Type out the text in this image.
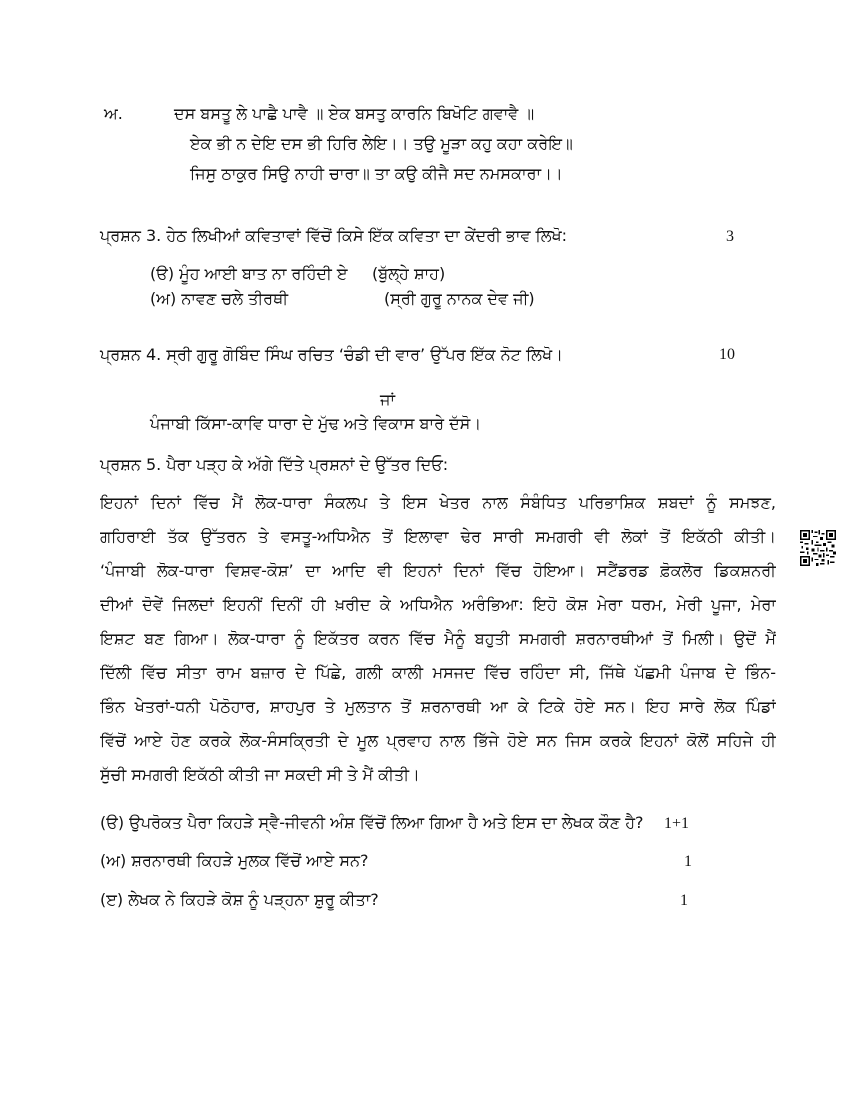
ਅ.	ਦਸ ਬਸਤੂ ਲੇ ਪਾਛੈ ਪਾਵੈ ॥ ਏਕ ਬਸਤੁ ਕਾਰਨਿ ਬਿਖੋਟਿ ਗਵਾਵੈ ॥
ਏਕ ਭੀ ਨ ਦੇਇ ਦਸ ਭੀ ਹਿਰਿ ਲੇਇ।। ਤਉ ਮੂੜਾ ਕਹੁ ਕਹਾ ਕਰੇਇ॥
ਜਿਸੁ ਠਾਕੁਰ ਸਿਉ ਨਾਹੀ ਚਾਰਾ॥ ਤਾ ਕਉ ਕੀਜੈ ਸਦ ਨਮਸਕਾਰਾ।।
ਪ੍ਰਸ਼ਨ 3. ਹੇਠ ਲਿਖੀਆਂ ਕਵਿਤਾਵਾਂ ਵਿੱਚੋਂ ਕਿਸੇ ਇੱਕ ਕਵਿਤਾ ਦਾ ਕੇਂਦਰੀ ਭਾਵ ਲਿਖੋ:	3
(ੳ) ਮੂੰਹ ਆਈ ਬਾਤ ਨਾ ਰਹਿੰਦੀ ਏ (ਬੁੱਲ੍ਹੇ ਸ਼ਾਹ)
(ਅ) ਨਾਵਣ ਚਲੇ ਤੀਰਥੀ	(ਸ੍ਰੀ ਗੁਰੂ ਨਾਨਕ ਦੇਵ ਜੀ)
ਪ੍ਰਸ਼ਨ 4. ਸ੍ਰੀ ਗੁਰੂ ਗੋਬਿੰਦ ਸਿੰਘ ਰਚਿਤ ‘ਚੰਡੀ ਦੀ ਵਾਰ’ ਉੱਪਰ ਇੱਕ ਨੋਟ ਲਿਖੋ।	10
ਜਾਂ
ਪੰਜਾਬੀ ਕਿੱਸਾ-ਕਾਵਿ ਧਾਰਾ ਦੇ ਮੁੱਢ ਅਤੇ ਵਿਕਾਸ ਬਾਰੇ ਦੱਸੋ।
ਪ੍ਰਸ਼ਨ 5. ਪੈਰਾ ਪੜ੍ਹ ਕੇ ਅੱਗੇ ਦਿੱਤੇ ਪ੍ਰਸ਼ਨਾਂ ਦੇ ਉੱਤਰ ਦਿਓ:
ਇਹਨਾਂ ਦਿਨਾਂ ਵਿੱਚ ਮੈਂ ਲੋਕ-ਧਾਰਾ ਸੰਕਲਪ ਤੇ ਇਸ ਖੇਤਰ ਨਾਲ ਸੰਬੰਧਿਤ ਪਰਿਭਾਸ਼ਿਕ ਸ਼ਬਦਾਂ ਨੂੰ ਸਮਝਣ,
ਗਹਿਰਾਈ ਤੱਕ ਉੱਤਰਨ ਤੇ ਵਸਤੂ-ਅਧਿਐਨ ਤੋਂ ਇਲਾਵਾ ਢੇਰ ਸਾਰੀ ਸਮਗਰੀ ਵੀ ਲੋਕਾਂ ਤੋਂ ਇਕੱਠੀ ਕੀਤੀ।
‘ਪੰਜਾਬੀ ਲੋਕ-ਧਾਰਾ ਵਿਸ਼ਵ-ਕੋਸ਼’ ਦਾ ਆਦਿ ਵੀ ਇਹਨਾਂ ਦਿਨਾਂ ਵਿੱਚ ਹੋਇਆ। ਸਟੈਂਡਰਡ ਫ਼ੋਕਲੋਰ ਡਿਕਸ਼ਨਰੀ
ਦੀਆਂ ਦੋਵੇਂ ਜਿਲਦਾਂ ਇਹਨੀਂ ਦਿਨੀਂ ਹੀ ਖ਼ਰੀਦ ਕੇ ਅਧਿਐਨ ਅਰੰਭਿਆ: ਇਹੋ ਕੋਸ਼ ਮੇਰਾ ਧਰਮ, ਮੇਰੀ ਪੂਜਾ, ਮੇਰਾ
ਇਸ਼ਟ ਬਣ ਗਿਆ। ਲੋਕ-ਧਾਰਾ ਨੂੰ ਇਕੱਤਰ ਕਰਨ ਵਿੱਚ ਮੈਨੂੰ ਬਹੁਤੀ ਸਮਗਰੀ ਸ਼ਰਨਾਰਥੀਆਂ ਤੋਂ ਮਿਲੀ। ਉਦੋਂ ਮੈਂ
ਦਿੱਲੀ ਵਿੱਚ ਸੀਤਾ ਰਾਮ ਬਜ਼ਾਰ ਦੇ ਪਿੱਛੇ, ਗਲੀ ਕਾਲੀ ਮਸਜਦ ਵਿੱਚ ਰਹਿੰਦਾ ਸੀ, ਜਿੱਥੇ ਪੱਛਮੀ ਪੰਜਾਬ ਦੇ ਭਿੰਨ-
ਭਿੰਨ ਖੇਤਰਾਂ-ਧਨੀ ਪੋਠੋਹਾਰ, ਸ਼ਾਹਪੁਰ ਤੇ ਮੁਲਤਾਨ ਤੋਂ ਸ਼ਰਨਾਰਥੀ ਆ ਕੇ ਟਿਕੇ ਹੋਏ ਸਨ। ਇਹ ਸਾਰੇ ਲੋਕ ਪਿੰਡਾਂ
ਵਿੱਚੋਂ ਆਏ ਹੋਣ ਕਰਕੇ ਲੋਕ-ਸੰਸਕ੍ਰਿਤੀ ਦੇ ਮੂਲ ਪ੍ਰਵਾਹ ਨਾਲ ਭਿੱਜੇ ਹੋਏ ਸਨ ਜਿਸ ਕਰਕੇ ਇਹਨਾਂ ਕੋਲੋਂ ਸਹਿਜੇ ਹੀ
ਸੁੱਚੀ ਸਮਗਰੀ ਇਕੱਠੀ ਕੀਤੀ ਜਾ ਸਕਦੀ ਸੀ ਤੇ ਮੈਂ ਕੀਤੀ।
(ੳ) ਉਪਰੋਕਤ ਪੈਰਾ ਕਿਹੜੇ ਸ੍ਵੈ-ਜੀਵਨੀ ਅੰਸ਼ ਵਿੱਚੋਂ ਲਿਆ ਗਿਆ ਹੈ ਅਤੇ ਇਸ ਦਾ ਲੇਖਕ ਕੌਣ ਹੈ? 1+1
(ਅ) ਸ਼ਰਨਾਰਥੀ ਕਿਹੜੇ ਮੁਲਕ ਵਿੱਚੋਂ ਆਏ ਸਨ?	1
(ੲ) ਲੇਖਕ ਨੇ ਕਿਹੜੇ ਕੋਸ਼ ਨੂੰ ਪੜ੍ਹਨਾ ਸ਼ੁਰੂ ਕੀਤਾ?	1
